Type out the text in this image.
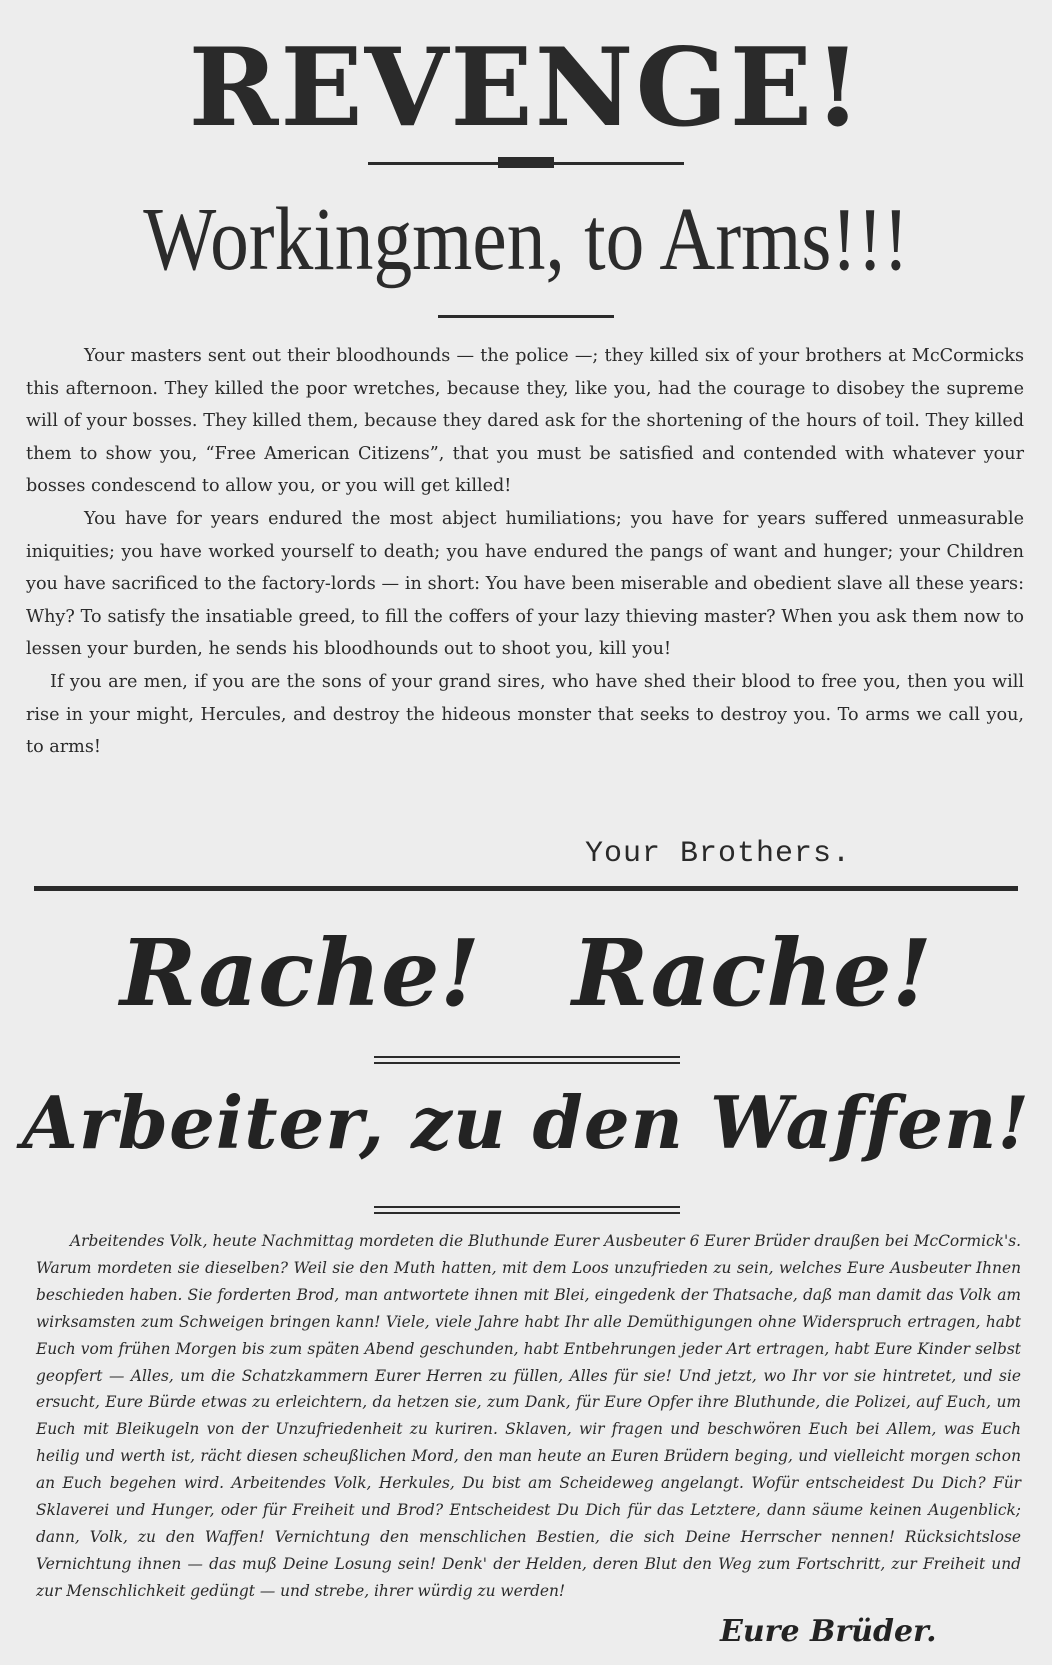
REVENGE!
Workingmen, to Arms!!!

Your masters sent out their bloodhounds — the police —; they killed six of your brothers at McCormicks this afternoon. They killed the poor wretches, because they, like you, had the courage to disobey the supreme will of your bosses. They killed them, because they dared ask for the shortening of the hours of toil. They killed them to show you, “Free American Citizens”, that you must be satisfied and contended with whatever your bosses condescend to allow you, or you will get killed!

You have for years endured the most abject humiliations; you have for years suffered unmeasurable iniquities; you have worked yourself to death; you have endured the pangs of want and hunger; your Children you have sacrificed to the factory-lords — in short: You have been miserable and obedient slave all these years: Why? To satisfy the insatiable greed, to fill the coffers of your lazy thieving master? When you ask them now to lessen your burden, he sends his bloodhounds out to shoot you, kill you!

If you are men, if you are the sons of your grand sires, who have shed their blood to free you, then you will rise in your might, Hercules, and destroy the hideous monster that seeks to destroy you. To arms we call you, to arms!

Your Brothers.
Rache! Rache!
Arbeiter, zu den Waffen!

Arbeitendes Volk, heute Nachmittag mordeten die Bluthunde Eurer Ausbeuter 6 Eurer Brüder draußen bei McCormick's. Warum mordeten sie dieselben? Weil sie den Muth hatten, mit dem Loos unzufrieden zu sein, welches Eure Ausbeuter Ihnen beschieden haben. Sie forderten Brod, man antwortete ihnen mit Blei, eingedenk der Thatsache, daß man damit das Volk am wirksamsten zum Schweigen bringen kann! Viele, viele Jahre habt Ihr alle Demüthigungen ohne Widerspruch ertragen, habt Euch vom frühen Morgen bis zum späten Abend geschunden, habt Entbehrungen jeder Art ertragen, habt Eure Kinder selbst geopfert — Alles, um die Schatzkammern Eurer Herren zu füllen, Alles für sie! Und jetzt, wo Ihr vor sie hintretet, und sie ersucht, Eure Bürde etwas zu erleichtern, da hetzen sie, zum Dank, für Eure Opfer ihre Bluthunde, die Polizei, auf Euch, um Euch mit Bleikugeln von der Unzufriedenheit zu kuriren. Sklaven, wir fragen und beschwören Euch bei Allem, was Euch heilig und werth ist, rächt diesen scheußlichen Mord, den man heute an Euren Brüdern beging, und vielleicht morgen schon an Euch begehen wird. Arbeitendes Volk, Herkules, Du bist am Scheideweg angelangt. Wofür entscheidest Du Dich? Für Sklaverei und Hunger, oder für Freiheit und Brod? Entscheidest Du Dich für das Letztere, dann säume keinen Augenblick; dann, Volk, zu den Waffen! Vernichtung den menschlichen Bestien, die sich Deine Herrscher nennen! Rücksichtslose Vernichtung ihnen — das muß Deine Losung sein! Denk' der Helden, deren Blut den Weg zum Fortschritt, zur Freiheit und zur Menschlichkeit gedüngt — und strebe, ihrer würdig zu werden!

Eure Brüder.
